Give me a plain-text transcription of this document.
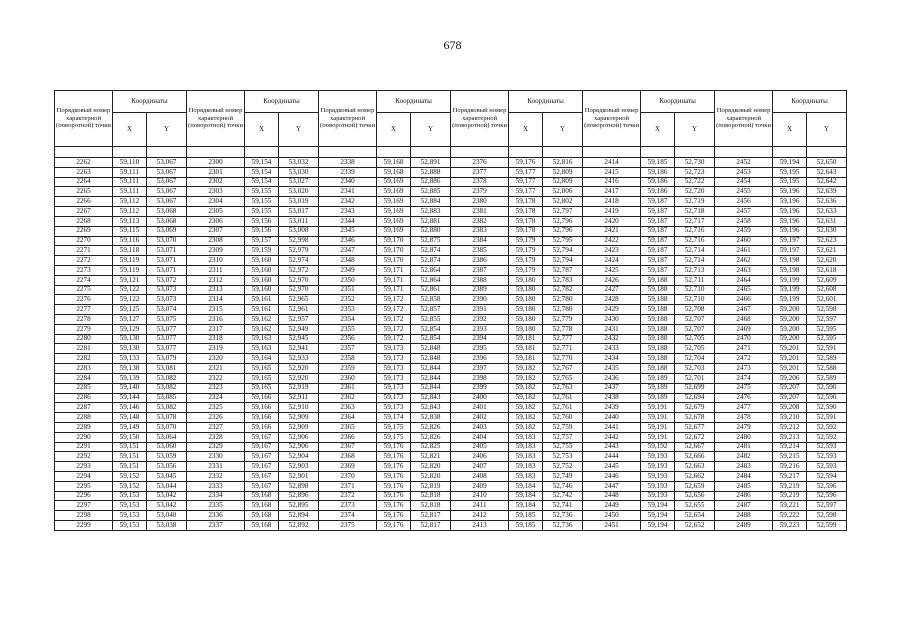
678
Порядковый номер характерной (поворотной) точки	Координаты		Порядковый номер характерной (поворотной) точки	Координаты		Порядковый номер характерной (поворотной) точки	Координаты		Порядковый номер характерной (поворотной) точки	Координаты		Порядковый номер характерной (поворотной) точки	Координаты		Порядковый номер характерной (поворотной) точки	Координаты	
	X	Y		X	Y		X	Y		X	Y		X	Y		X	Y

2262	59,110	53,067	2300	59,154	53,032	2338	59,168	52,891	2376	59,176	52,816	2414	59,185	52,730	2452	59,194	52,650
2263	59,111	53,067	2301	59,154	53,030	2339	59,168	52,888	2377	59,177	52,809	2415	59,186	52,723	2453	59,195	52,643
2264	59,111	53,067	2302	59,154	53,027	2340	59,169	52,886	2378	59,177	52,809	2416	59,186	52,722	2454	59,195	52,642
2265	59,111	53,067	2303	59,155	53,020	2341	59,169	52,885	2379	59,177	52,806	2417	59,186	52,720	2455	59,196	52,639
2266	59,112	53,067	2304	59,155	53,019	2342	59,169	52,884	2380	59,178	52,802	2418	59,187	52,719	2456	59,196	52,636
2267	59,112	53,068	2305	59,155	53,017	2343	59,169	52,883	2381	59,178	52,797	2419	59,187	52,718	2457	59,196	52,633
2268	59,113	53,068	2306	59,156	53,011	2344	59,169	52,881	2382	59,178	52,796	2420	59,187	52,717	2458	59,196	52,631
2269	59,115	53,069	2307	59,156	53,008	2345	59,169	52,880	2383	59,178	52,796	2421	59,187	52,716	2459	59,196	52,630
2270	59,116	53,070	2308	59,157	52,998	2346	59,170	52,875	2384	59,179	52,795	2422	59,187	52,716	2460	59,197	52,623
2271	59,118	53,071	2309	59,159	52,979	2347	59,170	52,874	2385	59,179	52,794	2423	59,187	52,714	2461	59,197	52,621
2272	59,119	53,071	2310	59,160	52,974	2348	59,170	52,874	2386	59,179	52,794	2424	59,187	52,714	2462	59,198	52,620
2273	59,119	53,071	2311	59,160	52,972	2349	59,171	52,864	2387	59,179	52,787	2425	59,187	52,713	2463	59,198	52,618
2274	59,121	53,072	2312	59,160	52,970	2350	59,171	52,864	2388	59,180	52,783	2426	59,188	52,711	2464	59,199	52,609
2275	59,122	53,073	2313	59,160	52,970	2351	59,171	52,861	2389	59,180	52,782	2427	59,188	52,710	2465	59,199	52,608
2276	59,122	53,073	2314	59,161	52,965	2352	59,172	52,858	2390	59,180	52,780	2428	59,188	52,710	2466	59,199	52,601
2277	59,125	53,074	2315	59,161	52,961	2353	59,172	52,857	2391	59,180	52,780	2429	59,188	52,708	2467	59,200	52,598
2278	59,127	53,075	2316	59,162	52,957	2354	59,172	52,855	2392	59,180	52,779	2430	59,188	52,707	2468	59,200	52,597
2279	59,129	53,077	2317	59,162	52,949	2355	59,172	52,854	2393	59,180	52,778	2431	59,188	52,707	2469	59,200	52,595
2280	59,130	53,077	2318	59,163	52,945	2356	59,172	52,854	2394	59,181	52,777	2432	59,188	52,705	2470	59,200	52,595
2281	59,130	53,077	2319	59,163	52,941	2357	59,173	52,848	2395	59,181	52,771	2433	59,188	52,705	2471	59,201	52,591
2282	59,133	53,079	2320	59,164	52,933	2358	59,173	52,848	2396	59,181	52,770	2434	59,188	52,704	2472	59,201	52,589
2283	59,138	53,081	2321	59,165	52,920	2359	59,173	52,844	2397	59,182	52,767	2435	59,188	52,703	2473	59,201	52,588
2284	59,139	53,082	2322	59,165	52,920	2360	59,173	52,844	2398	59,182	52,765	2436	59,189	52,701	2474	59,206	52,589
2285	59,140	53,082	2323	59,165	52,919	2361	59,173	52,844	2399	59,182	52,763	2437	59,189	52,699	2475	59,207	52,590
2286	59,144	53,085	2324	59,166	52,911	2362	59,173	52,843	2400	59,182	52,761	2438	59,189	52,694	2476	59,207	52,590
2287	59,146	53,082	2325	59,166	52,910	2363	59,173	52,843	2401	59,182	52,761	2439	59,191	52,679	2477	59,208	52,590
2288	59,148	53,078	2326	59,166	52,909	2364	59,174	52,838	2402	59,182	52,760	2440	59,191	52,678	2478	59,210	52,591
2289	59,149	53,070	2327	59,166	52,909	2365	59,175	52,826	2403	59,182	52,759	2441	59,191	52,677	2479	59,212	52,592
2290	59,150	53,064	2328	59,167	52,906	2366	59,175	52,826	2404	59,183	52,757	2442	59,191	52,672	2480	59,213	52,592
2291	59,151	53,060	2329	59,167	52,906	2367	59,176	52,825	2405	59,183	52,755	2443	59,192	52,667	2481	59,214	52,593
2292	59,151	53,059	2330	59,167	52,904	2368	59,176	52,821	2406	59,183	52,753	2444	59,193	52,666	2482	59,215	52,593
2293	59,151	53,056	2331	59,167	52,903	2369	59,176	52,820	2407	59,183	52,752	2445	59,193	52,663	2483	59,216	52,593
2294	59,152	53,045	2332	59,167	52,901	2370	59,176	52,820	2408	59,183	52,749	2446	59,193	52,662	2484	59,217	52,594
2295	59,152	53,044	2333	59,167	52,898	2371	59,176	52,819	2409	59,184	52,746	2447	59,193	52,659	2485	59,219	52,596
2296	59,153	53,042	2334	59,168	52,896	2372	59,176	52,818	2410	59,184	52,742	2448	59,193	52,656	2486	59,219	52,596
2297	59,153	53,042	2335	59,168	52,895	2373	59,176	52,818	2411	59,184	52,741	2449	59,194	52,655	2487	59,221	52,597
2298	59,153	53,040	2336	59,168	52,894	2374	59,176	52,817	2412	59,185	52,736	2450	59,194	52,654	2488	59,222	52,598
2299	59,153	53,038	2337	59,168	52,892	2375	59,176	52,817	2413	59,185	52,736	2451	59,194	52,652	2489	59,223	52,599
